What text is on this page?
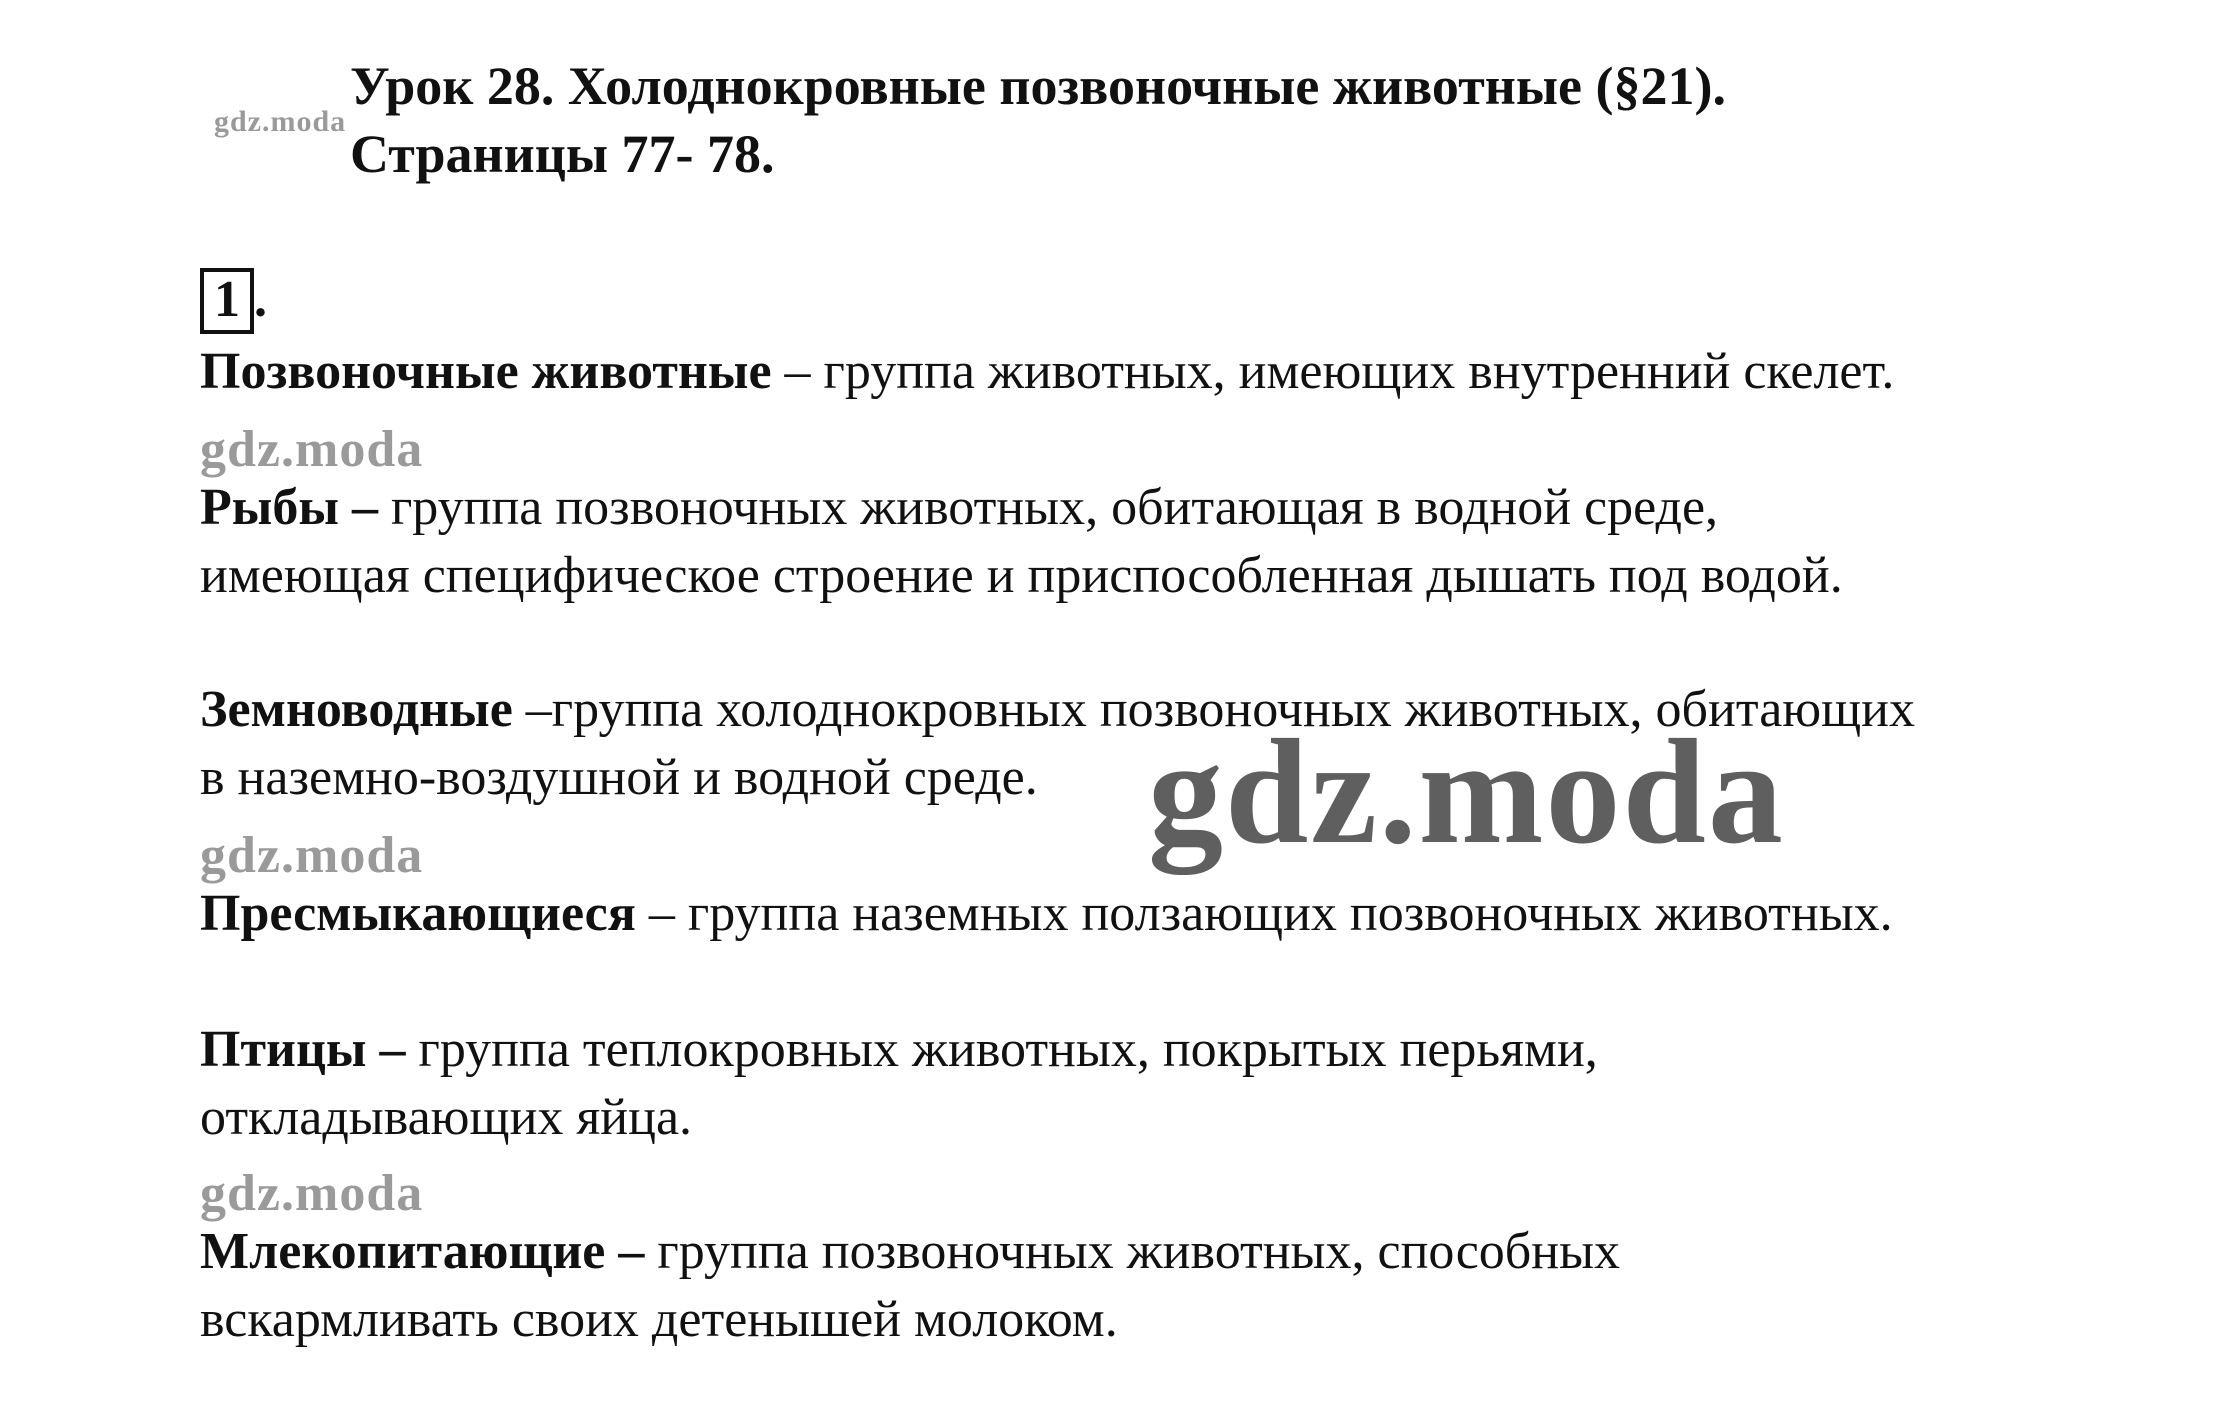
gdz.moda
Урок 28. Холоднокровные позвоночные животные (§21).
Страницы 77- 78.
1 .
Позвоночные животные – группа животных, имеющих внутренний скелет.
gdz.moda
Рыбы – группа позвоночных животных, обитающая в водной среде,
имеющая специфическое строение и приспособленная дышать под водой.
Земноводные –группа холоднокровных позвоночных животных, обитающих
в наземно-воздушной и водной среде. gdz.moda
gdz.moda
Пресмыкающиеся – группа наземных ползающих позвоночных животных.
Птицы – группа теплокровных животных, покрытых перьями,
откладывающих яйца.
gdz.moda
Млекопитающие – группа позвоночных животных, способных
вскармливать своих детенышей молоком.
